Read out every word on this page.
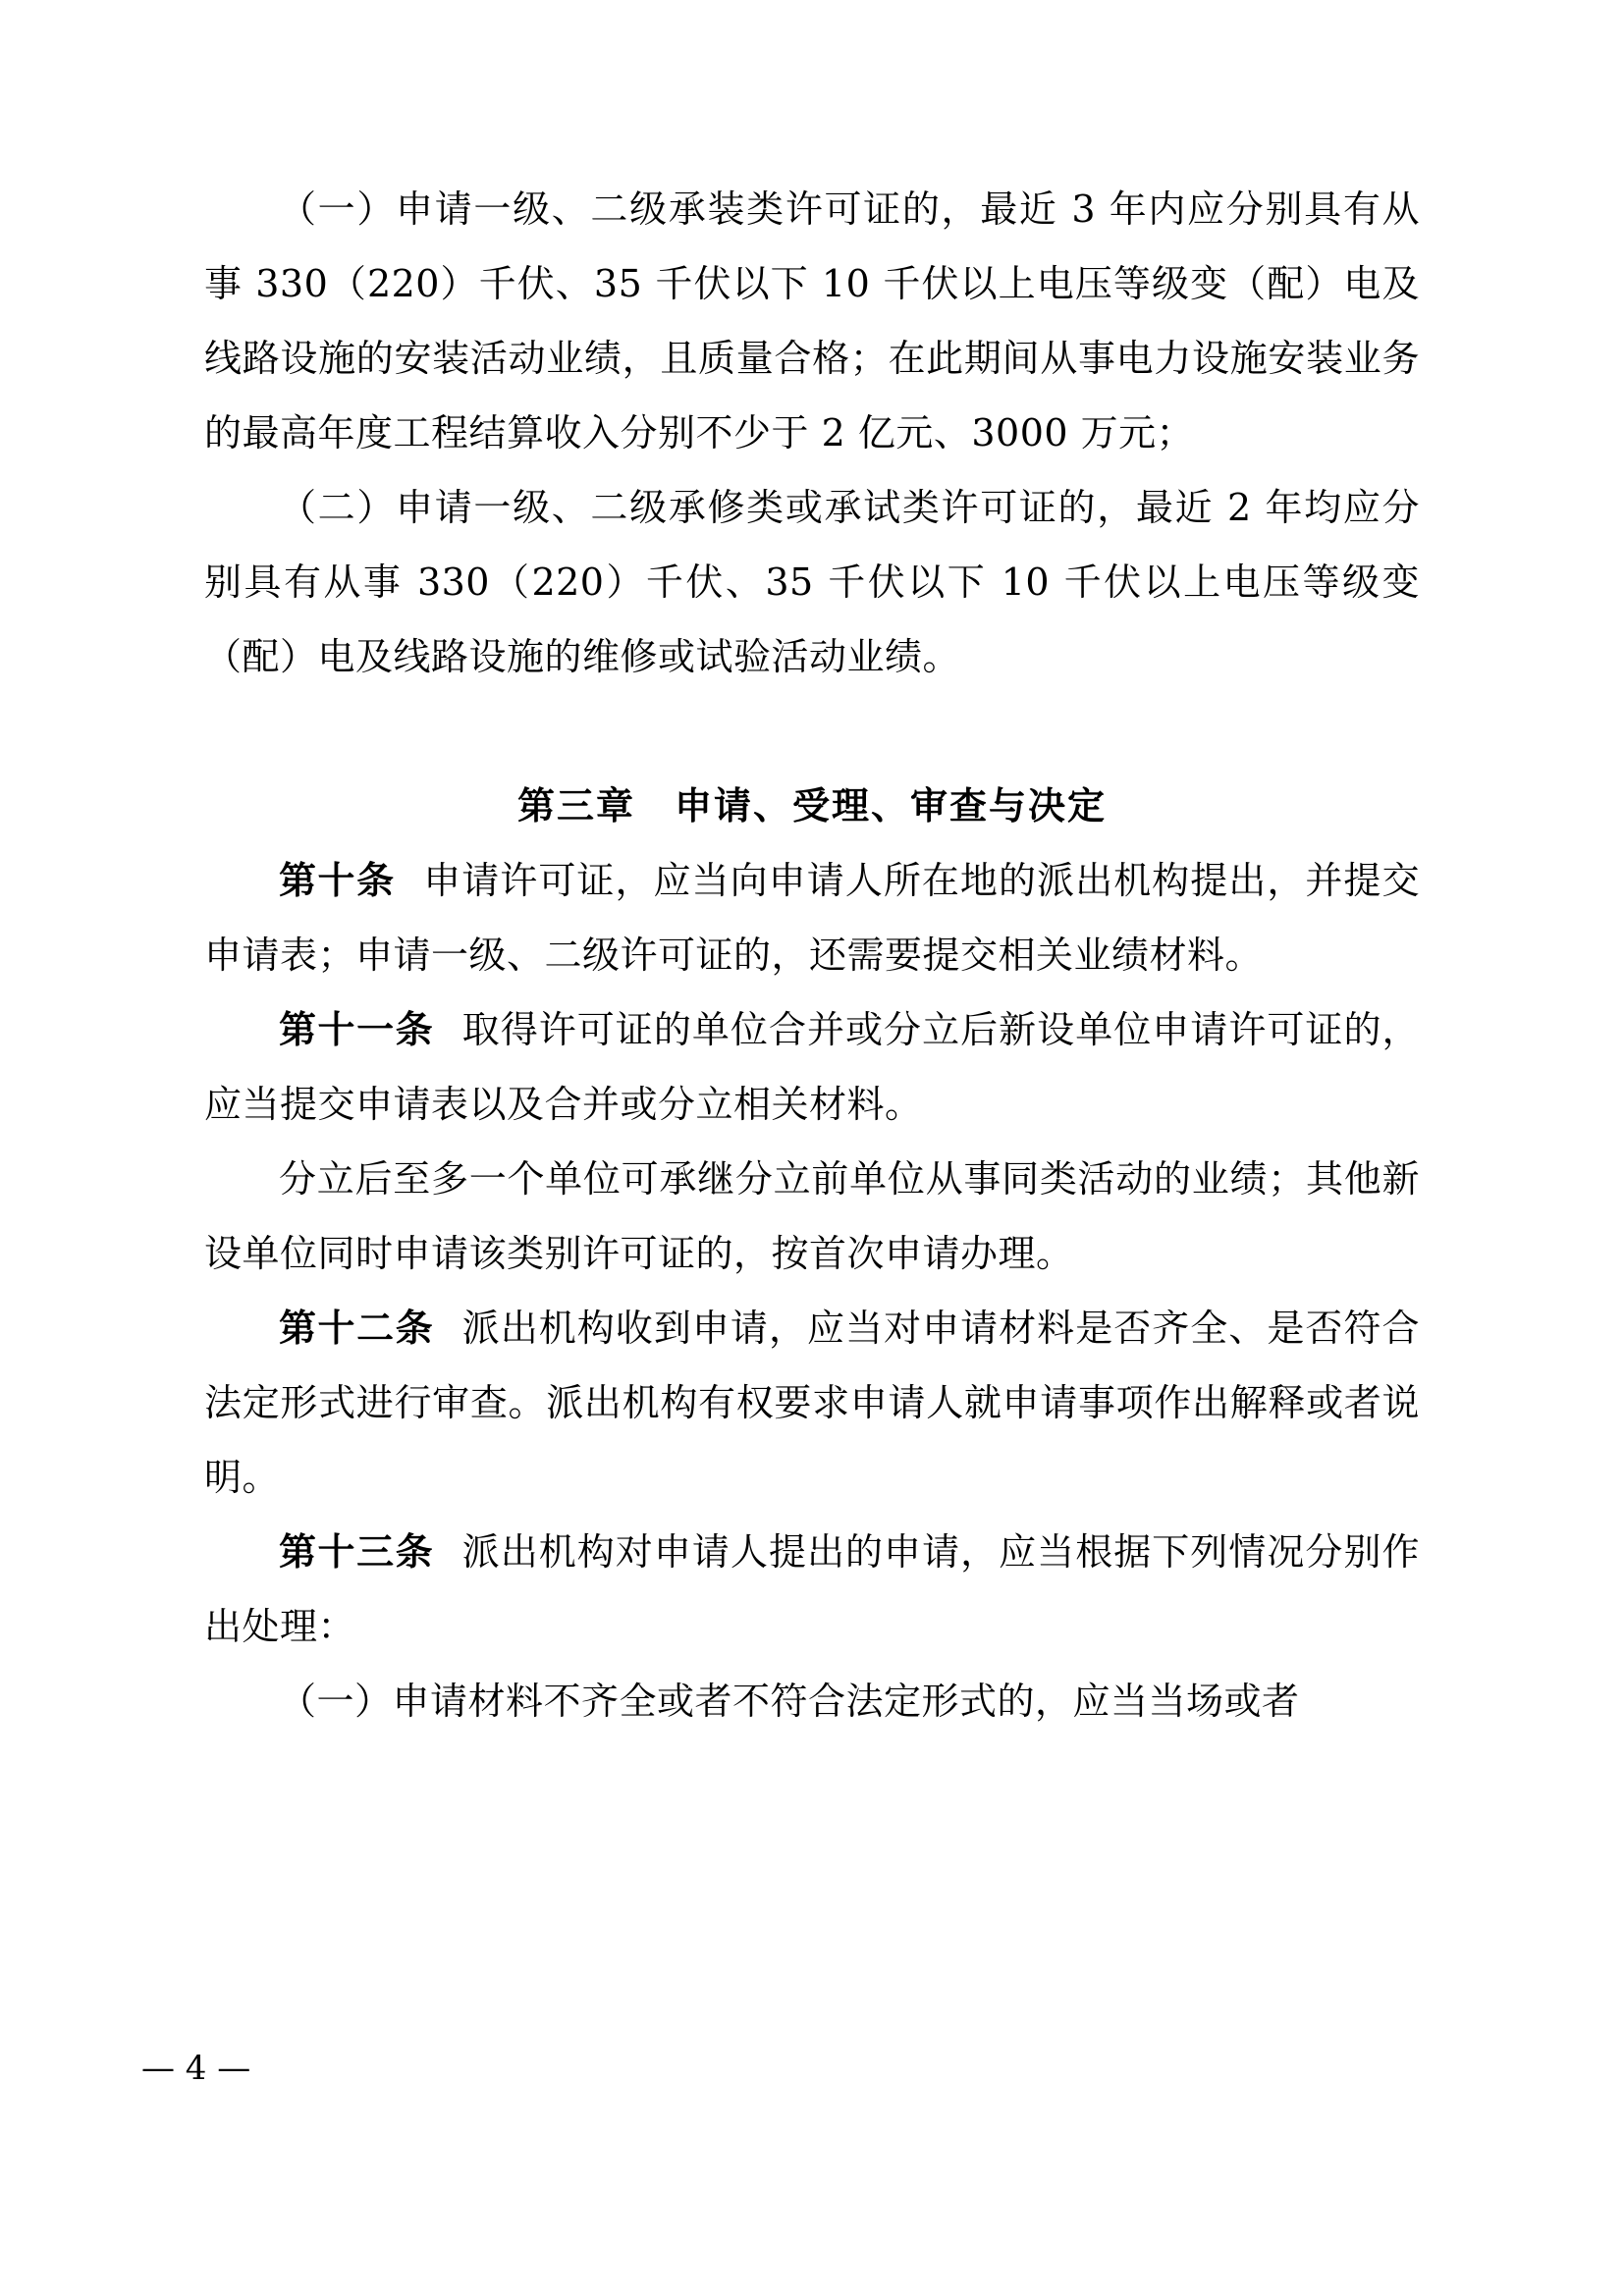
（一）申请一级、二级承装类许可证的，最近 3 年内应分别具有从事 330（220）千伏、35 千伏以下 10 千伏以上电压等级变（配）电及线路设施的安装活动业绩，且质量合格；在此期间从事电力设施安装业务的最高年度工程结算收入分别不少于 2 亿元、3000 万元；

（二）申请一级、二级承修类或承试类许可证的，最近 2 年均应分别具有从事 330（220）千伏、35 千伏以下 10 千伏以上电压等级变（配）电及线路设施的维修或试验活动业绩。

第三章　申请、受理、审查与决定

第十条 申请许可证，应当向申请人所在地的派出机构提出，并提交申请表；申请一级、二级许可证的，还需要提交相关业绩材料。

第十一条 取得许可证的单位合并或分立后新设单位申请许可证的，应当提交申请表以及合并或分立相关材料。

分立后至多一个单位可承继分立前单位从事同类活动的业绩；其他新设单位同时申请该类别许可证的，按首次申请办理。

第十二条 派出机构收到申请，应当对申请材料是否齐全、是否符合法定形式进行审查。派出机构有权要求申请人就申请事项作出解释或者说明。

第十三条 派出机构对申请人提出的申请，应当根据下列情况分别作出处理：

（一）申请材料不齐全或者不符合法定形式的，应当当场或者

— 4 —
